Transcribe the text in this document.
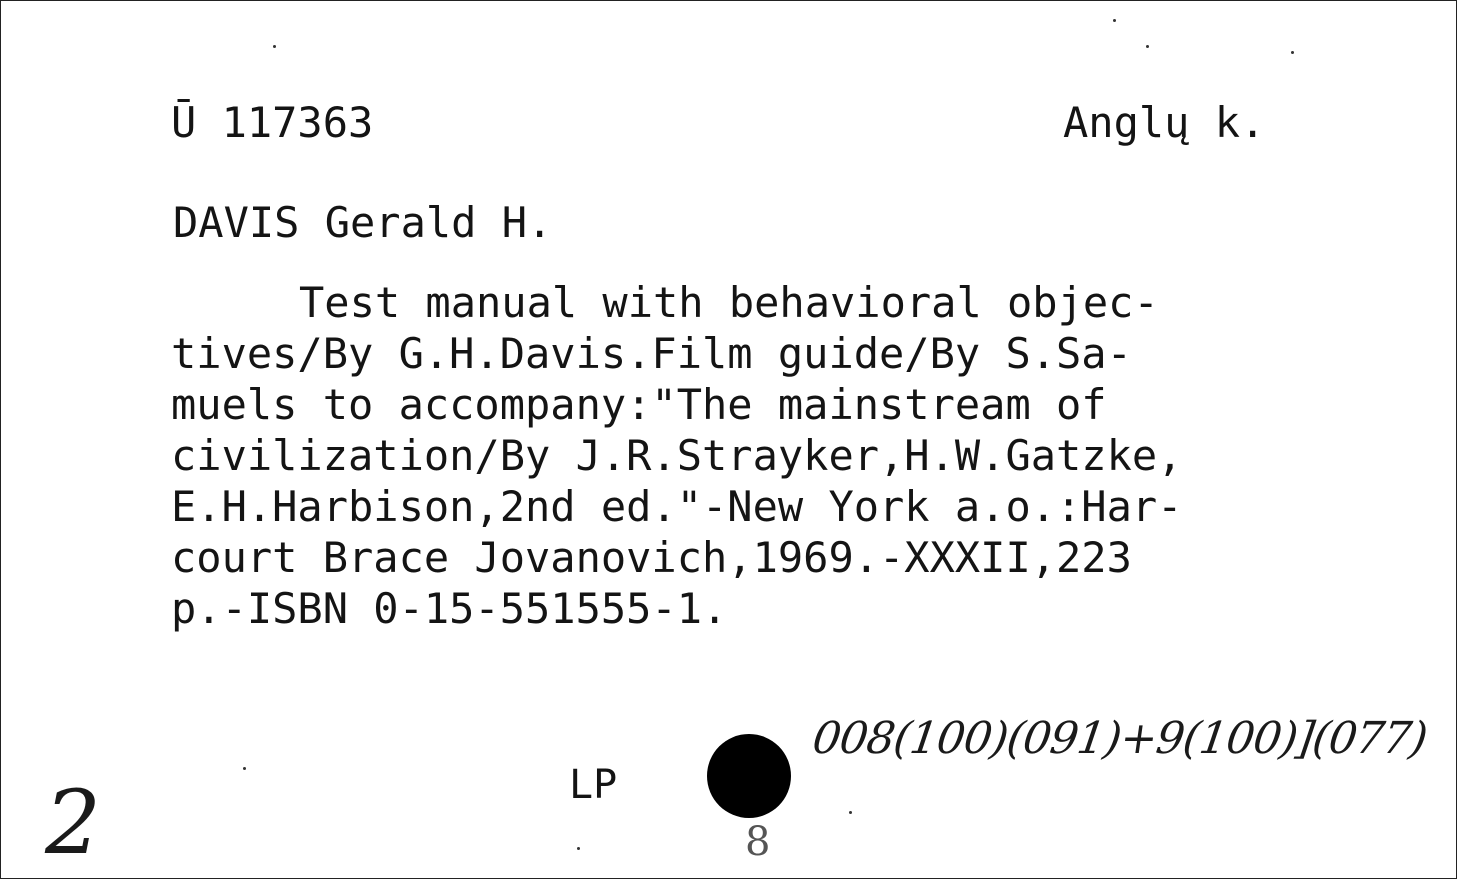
Ū 117363	Anglų k.
DAVIS Gerald H.
Test manual with behavioral objec-
tives/By G.H.Davis.Film guide/By S.Sa-
muels to accompany:"The mainstream of
civilization/By J.R.Strayker,H.W.Gatzke,
E.H.Harbison,2nd ed."-New York a.o.:Har-
court Brace Jovanovich,1969.-XXXII,223
p.-ISBN 0-15-551555-1.
LP
008(100)(091)+9(100)](077)
2	8
